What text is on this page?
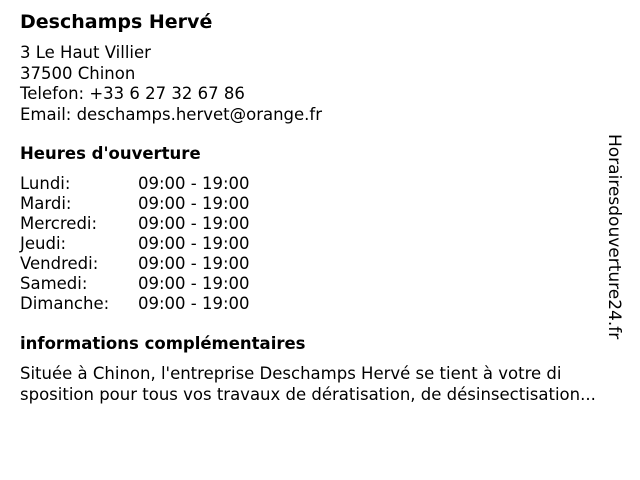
Deschamps Hervé
3 Le Haut Villier
37500 Chinon
Telefon: +33 6 27 32 67 86
Email: deschamps.hervet@orange.fr
Heures d'ouverture
Lundi:	09:00 - 19:00
Mardi:	09:00 - 19:00
Mercredi:	09:00 - 19:00
Jeudi:	09:00 - 19:00
Vendredi:	09:00 - 19:00
Samedi:	09:00 - 19:00
Dimanche:	09:00 - 19:00
informations complémentaires
Située à Chinon, l'entreprise Deschamps Hervé se tient à votre di
sposition pour tous vos travaux de dératisation, de désinsectisation...
Horairesdouverture24.fr
